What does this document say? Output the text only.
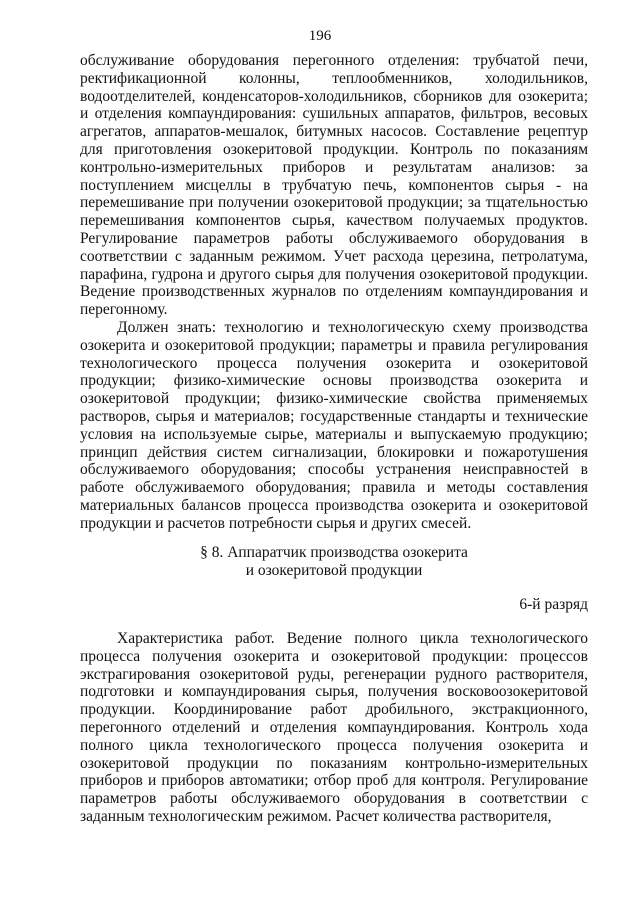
196

обслуживание оборудования перегонного отделения: трубчатой печи, ректификационной колонны, теплообменников, холодильников, водоотделителей, конденсаторов-холодильников, сборников для озокерита; и отделения компаундирования: сушильных аппаратов, фильтров, весовых агрегатов, аппаратов-мешалок, битумных насосов. Составление рецептур для приготовления озокеритовой продукции. Контроль по показаниям контрольно-измерительных приборов и результатам анализов: за поступлением мисцеллы в трубчатую печь, компонентов сырья - на перемешивание при получении озокеритовой продукции; за тщательностью перемешивания компонентов сырья, качеством получаемых продуктов. Регулирование параметров работы обслуживаемого оборудования в соответствии с заданным режимом. Учет расхода церезина, петролатума, парафина, гудрона и другого сырья для получения озокеритовой продукции. Ведение производственных журналов по отделениям компаундирования и перегонному.

Должен знать: технологию и технологическую схему производства озокерита и озокеритовой продукции; параметры и правила регулирования технологического процесса получения озокерита и озокеритовой продукции; физико-химические основы производства озокерита и озокеритовой продукции; физико-химические свойства применяемых растворов, сырья и материалов; государственные стандарты и технические условия на используемые сырье, материалы и выпускаемую продукцию; принцип действия систем сигнализации, блокировки и пожаротушения обслуживаемого оборудования; способы устранения неисправностей в работе обслуживаемого оборудования; правила и методы составления материальных балансов процесса производства озокерита и озокеритовой продукции и расчетов потребности сырья и других смесей.

§ 8. Аппаратчик производства озокерита
и озокеритовой продукции
6-й разряд

Характеристика работ. Ведение полного цикла технологического процесса получения озокерита и озокеритовой продукции: процессов экстрагирования озокеритовой руды, регенерации рудного растворителя, подготовки и компаундирования сырья, получения восковоозокеритовой продукции. Координирование работ дробильного, экстракционного, перегонного отделений и отделения компаундирования. Контроль хода полного цикла технологического процесса получения озокерита и озокеритовой продукции по показаниям контрольно-измерительных приборов и приборов автоматики; отбор проб для контроля. Регулирование параметров работы обслуживаемого оборудования в соответствии с заданным технологическим режимом. Расчет количества растворителя,
